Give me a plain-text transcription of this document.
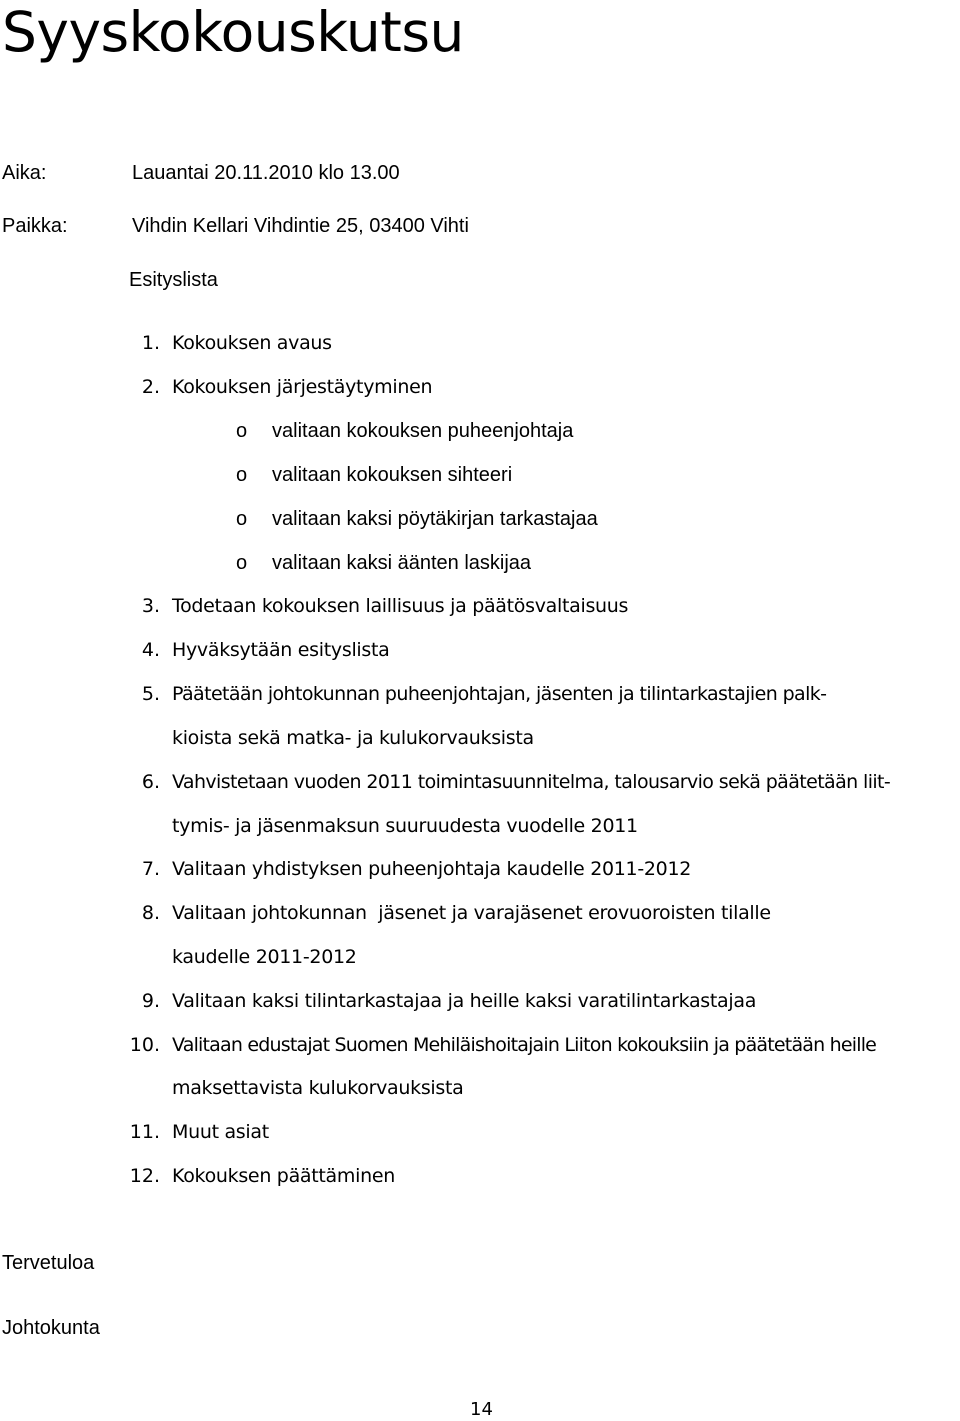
Syyskokouskutsu
Aika:	Lauantai 20.11.2010 klo 13.00
Paikka:	Vihdin Kellari Vihdintie 25, 03400 Vihti
Esityslista
1. Kokouksen avaus
2. Kokouksen järjestäytyminen
o valitaan kokouksen puheenjohtaja
o valitaan kokouksen sihteeri
o valitaan kaksi pöytäkirjan tarkastajaa
o valitaan kaksi äänten laskijaa
3. Todetaan kokouksen laillisuus ja päätösvaltaisuus
4. Hyväksytään esityslista
5. Päätetään johtokunnan puheenjohtajan, jäsenten ja tilintarkastajien palk-
kioista sekä matka- ja kulukorvauksista
6. Vahvistetaan vuoden 2011 toimintasuunnitelma, talousarvio sekä päätetään liit-
tymis- ja jäsenmaksun suuruudesta vuodelle 2011
7. Valitaan yhdistyksen puheenjohtaja kaudelle 2011-2012
8. Valitaan johtokunnan  jäsenet ja varajäsenet erovuoroisten tilalle
kaudelle 2011-2012
9. Valitaan kaksi tilintarkastajaa ja heille kaksi varatilintarkastajaa
10. Valitaan edustajat Suomen Mehiläishoitajain Liiton kokouksiin ja päätetään heille
maksettavista kulukorvauksista
11. Muut asiat
12. Kokouksen päättäminen
Tervetuloa
Johtokunta
14
